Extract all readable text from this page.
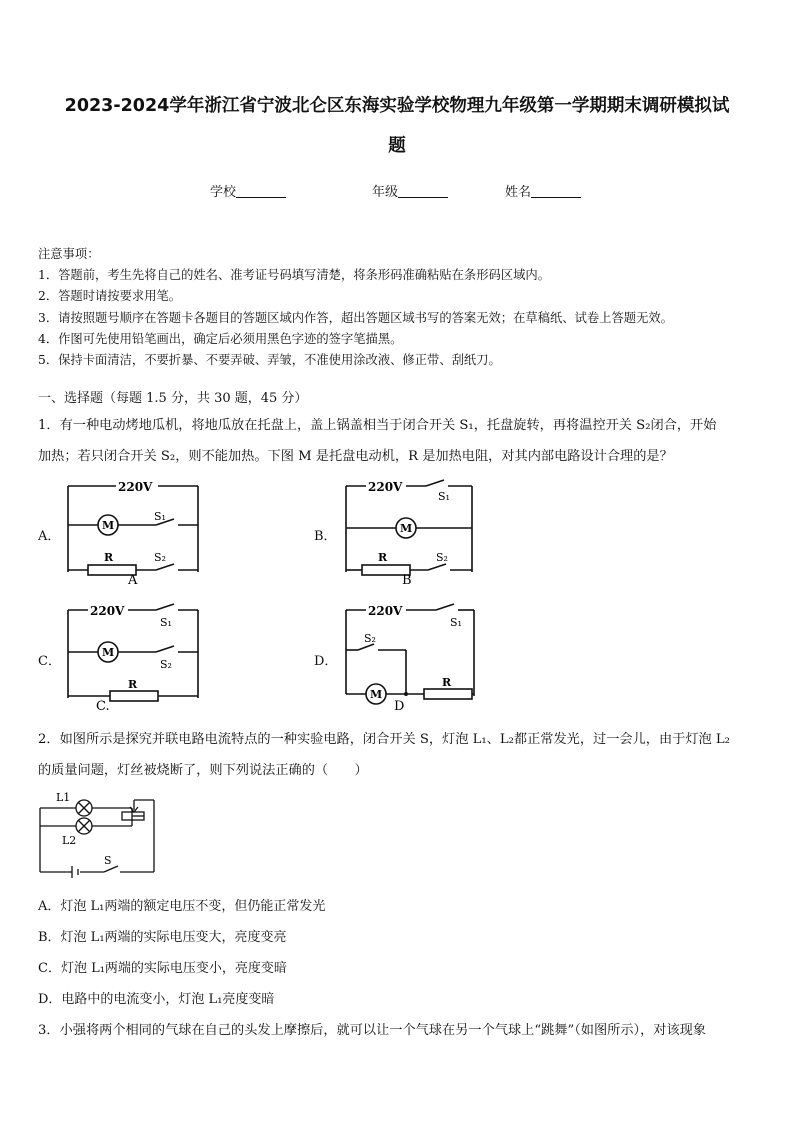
2023-2024学年浙江省宁波北仑区东海实验学校物理九年级第一学期期末调研模拟试
题
学校	年级	姓名
注意事项：
1．答题前，考生先将自己的姓名、准考证号码填写清楚，将条形码准确粘贴在条形码区域内。
2．答题时请按要求用笔。
3．请按照题号顺序在答题卡各题目的答题区域内作答，超出答题区域书写的答案无效；在草稿纸、试卷上答题无效。
4．作图可先使用铅笔画出，确定后必须用黑色字迹的签字笔描黑。
5．保持卡面清洁，不要折暴、不要弄破、弄皱，不准使用涂改液、修正带、刮纸刀。
一、选择题（每题 1.5 分，共 30 题，45 分）
1．有一种电动烤地瓜机，将地瓜放在托盘上，盖上锅盖相当于闭合开关 S₁，托盘旋转，再将温控开关 S₂闭合，开始
加热；若只闭合开关 S₂，则不能加热。下图 M 是托盘电动机，R 是加热电阻，对其内部电路设计合理的是？
A．	B．
C．	D．
220V
M
S₁
R	S₂
A
220V
S₁
M
R	S₂
B
220V
S₁
M
S₂
R
C.
220V
S₁
S₂
M
R
D
2．如图所示是探究并联电路电流特点的一种实验电路，闭合开关 S，灯泡 L₁、L₂都正常发光，过一会儿，由于灯泡 L₂
的质量问题，灯丝被烧断了，则下列说法正确的（　　）
L1
L2
S
A．灯泡 L₁两端的额定电压不变，但仍能正常发光
B．灯泡 L₁两端的实际电压变大，亮度变亮
C．灯泡 L₁两端的实际电压变小，亮度变暗
D．电路中的电流变小，灯泡 L₁亮度变暗
3．小强将两个相同的气球在自己的头发上摩擦后，就可以让一个气球在另一个气球上“跳舞”（如图所示），对该现象
